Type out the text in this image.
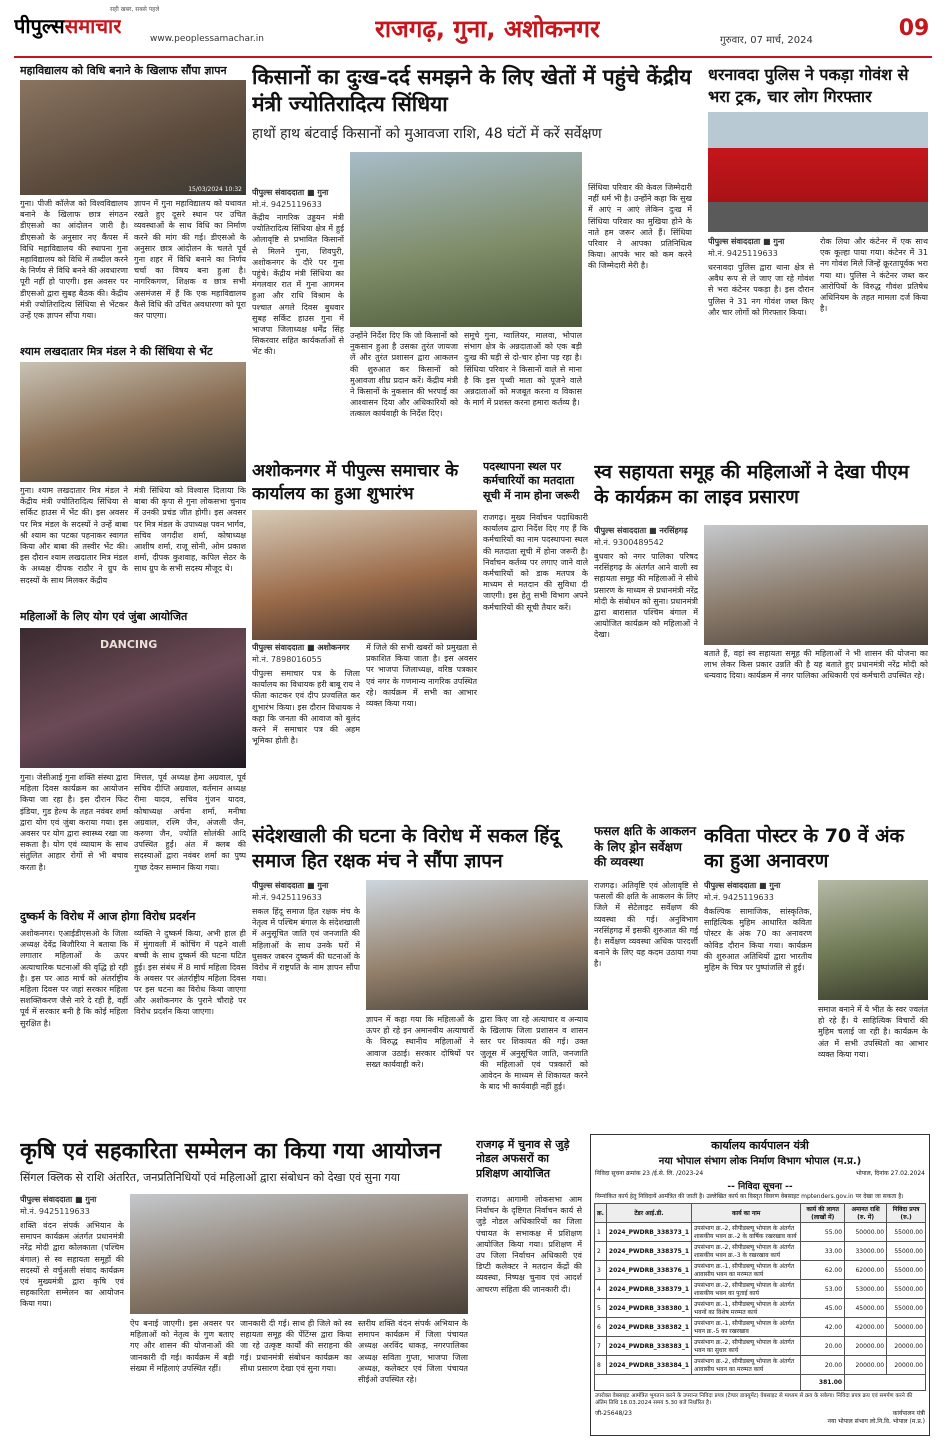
पीपुल्ससमाचार
सही खबर, सबसे पहले
www.peoplessamachar.in	राजगढ़, गुना, अशोकनगर	गुरुवार, 07 मार्च, 2024	09
महाविद्यालय को विधि बनाने के खिलाफ सौंपा ज्ञापन
15/03/2024 10:32
गुना। पीजी कॉलेज को विश्वविद्यालय बनाने के खिलाफ छात्र संगठन डीएसओ का आंदोलन जारी है। डीएसओ के अनुसार नए कैंपस में विधि महाविद्यालय की स्थापना गुना महाविद्यालय को विधि में तब्दील करने के निर्णय से विधि बनने की अवधारणा पूरी नहीं हो पाएगी। इस अवसर पर डीएसओ द्वारा सुबह बैठक की। केंद्रीय मंत्री ज्योतिरादित्य सिंधिया से भेंटकर उन्हें एक ज्ञापन सौंपा गया।
ज्ञापन में गुना महाविद्यालय को यथावत रखते हुए दूसरे स्थान पर उचित व्यवस्थाओं के साथ विधि का निर्माण करने की मांग की गई। डीएसओ के अनुसार छात्र आंदोलन के चलते पूर्व गुना शहर में विधि बनाने का निर्णय चर्चा का विषय बना हुआ है। नागरिकगण, शिक्षक व छात्र सभी असमंजस में हैं कि एक महाविद्यालय कैसे विधि की उचित अवधारणा को पूरा कर पाएगा।
श्याम लखदातार मित्र मंडल ने की सिंधिया से भेंट
गुना। श्याम लखदातार मित्र मंडल ने केंद्रीय मंत्री ज्योतिरादित्य सिंधिया से सर्किट हाउस में भेंट की। इस अवसर पर मित्र मंडल के सदस्यों ने उन्हें बाबा श्री श्याम का पटका पहनाकर स्वागत किया और बाबा की तस्वीर भेंट की। इस दौरान श्याम लखदातार मित्र मंडल के अध्यक्ष दीपक राठौर ने ग्रुप के सदस्यों के साथ मिलकर केंद्रीय
मंत्री सिंधिया को विश्वास दिलाया कि बाबा की कृपा से गुना लोकसभा चुनाव में उनकी प्रचंड जीत होगी। इस अवसर पर मित्र मंडल के उपाध्यक्ष पवन भार्गव, सचिव जगदीश शर्मा, कोषाध्यक्ष आशीष शर्मा, राजू सोनी, ओम प्रकाश शर्मा, दीपक कुशवाह, कपिल सेठर के साथ ग्रुप के सभी सदस्य मौजूद थे।
महिलाओं के लिए योग एवं जुंबा आयोजित
DANCING
गुना। जेसीआई गुना शक्ति संस्था द्वारा महिला दिवस कार्यक्रम का आयोजन किया जा रहा है। इस दौरान फिट इंडिया, गुड हेल्थ के तहत नवंबर शर्मा द्वारा योग एवं जुंबा कराया गया। इस अवसर पर योग द्वारा स्वास्थ्य रखा जा सकता है। योग एवं व्यायाम के साथ संतुलित आहार रोगों से भी बचाव करता है।
मित्तल, पूर्व अध्यक्ष हेमा अग्रवाल, पूर्व सचिव दीप्ति अग्रवाल, वर्तमान अध्यक्ष रीमा यादव, सचिव गुंजन यादव, कोषाध्यक्ष अर्चना शर्मा, मनीषा अग्रवाल, रश्मि जैन, अंजली जैन, करुणा जैन, ज्योति सोलंकी आदि उपस्थित हुईं। अंत में क्लब की सदस्याओं द्वारा नवंबर शर्मा का पुष्प गुच्छ देकर सम्मान किया गया।
दुष्कर्म के विरोध में आज होगा विरोध प्रदर्शन
अशोकनगर। एआईडीएसओ के जिला अध्यक्ष देवेंद्र बिजौरिया ने बताया कि लगातार महिलाओं के ऊपर अत्याचारिक घटनाओं की वृद्धि हो रही है। इस पर आठ मार्च को अंतर्राष्ट्रीय महिला दिवस पर जहां सरकार महिला सशक्तिकरण जैसे नारे दे रही है, वहीं पूर्व में सरकार बनी है कि कोई महिला सुरक्षित है।
व्यक्ति ने दुष्कर्म किया, अभी हाल ही में मुंगावली में कोचिंग में पढ़ने वाली बच्ची के साथ दुष्कर्म की घटना घटित हुई। इस संबंध में 8 मार्च महिला दिवस के अवसर पर अंतर्राष्ट्रीय महिला दिवस पर इस घटना का विरोध किया जाएगा और अशोकनगर के पुराने चौराहे पर विरोध प्रदर्शन किया जाएगा।
किसानों का दुःख-दर्द समझने के लिए खेतों में पहुंचे केंद्रीय मंत्री ज्योतिरादित्य सिंधिया
हाथों हाथ बंटवाई किसानों को मुआवजा राशि, 48 घंटों में करें सर्वेक्षण
पीपुल्स संवाददाता ■ गुना
मो.नं. 9425119633
केंद्रीय नागरिक उड्डयन मंत्री ज्योतिरादित्य सिंधिया क्षेत्र में हुई ओलावृष्टि से प्रभावित किसानों से मिलने गुना, शिवपुरी, अशोकनगर के दौरे पर गुना पहुंचे। केंद्रीय मंत्री सिंधिया का मंगलवार रात में गुना आगमन हुआ और राधि विश्राम के पश्चात अगले दिवस बुधवार सुबह सर्किट हाउस गुना में भाजपा जिलाध्यक्ष धर्मेंद्र सिंह सिकरवार सहित कार्यकर्ताओं से भेंट की।
उन्होंने निर्देश दिए कि जो किसानों को नुकसान हुआ है उसका तुरंत जायजा लें और तुरंत प्रशासन द्वारा आकलन की शुरुआत कर किसानों को मुआवजा शीघ्र प्रदान करें। केंद्रीय मंत्री ने किसानों के नुकसान की भरपाई का आश्वासन दिया और अधिकारियों को तत्काल कार्यवाही के निर्देश दिए।
समूचे गुना, ग्वालियर, मालवा, भोपाल संभाग क्षेत्र के अन्नदाताओं को एक बड़ी दुःख की घड़ी से दो-चार होना पड़ रहा है। सिंधिया परिवार ने किसानों वाले से माना है कि इस पृथ्वी माता को पूजने वाले अन्नदाताओं को मजबूत करना व विकास के मार्ग में प्रशस्त करना हमारा कर्तव्य है।
सिंधिया परिवार की केवल जिम्मेदारी नहीं धर्म भी है। उन्होंने कहा कि सुख में आएं न आएं लेकिन दुःख में सिंधिया परिवार का मुखिया होने के नाते हम जरूर आते हैं। सिंधिया परिवार ने आपका प्रतिनिधित्व किया। आपके भार को कम करने की जिम्मेदारी मेरी है।
धरनावदा पुलिस ने पकड़ा गोवंश से भरा ट्रक, चार लोग गिरफ्तार
पीपुल्स संवाददाता ■ गुना
मो.नं. 9425119633
धरनावदा पुलिस द्वारा थाना क्षेत्र से अवैध रूप से ले जाए जा रहे गोवंश से भरा कंटेनर पकड़ा है। इस दौरान पुलिस ने 31 नग गोवंश जब्त किए और चार लोगों को गिरफ्तार किया।
रोक लिया और कंटेनर में एक साथ एक कूल्हा पाया गया। कंटेनर में 31 नग गोवंश मिले जिन्हें क्रूरतापूर्वक भरा गया था। पुलिस ने कंटेनर जब्त कर आरोपियों के विरुद्ध गौवंश प्रतिषेध अधिनियम के तहत मामला दर्ज किया है।
अशोकनगर में पीपुल्स समाचार के कार्यालय का हुआ शुभारंभ
पीपुल्स संवाददाता ■ अशोकनगर
मो.नं. 7898016055
पीपुल्स समाचार पत्र के जिला कार्यालय का विधायक हरी बाबू राय ने फीता काटकर एवं दीप प्रज्वलित कर शुभारंभ किया। इस दौरान विधायक ने कहा कि जनता की आवाज को बुलंद करने में समाचार पत्र की अहम भूमिका होती है।
में जिले की सभी खबरों को प्रमुखता से प्रकाशित किया जाता है। इस अवसर पर भाजपा जिलाध्यक्ष, वरिष्ठ पत्रकार एवं नगर के गणमान्य नागरिक उपस्थित रहे। कार्यक्रम में सभी का आभार व्यक्त किया गया।
पदस्थापना स्थल पर कर्मचारियों का मतदाता सूची में नाम होना जरूरी
राजगढ़। मुख्य निर्वाचन पदाधिकारी कार्यालय द्वारा निर्देश दिए गए हैं कि कर्मचारियों का नाम पदस्थापना स्थल की मतदाता सूची में होना जरूरी है। निर्वाचन कर्तव्य पर लगाए जाने वाले कर्मचारियों को डाक मतपत्र के माध्यम से मतदान की सुविधा दी जाएगी। इस हेतु सभी विभाग अपने कर्मचारियों की सूची तैयार करें।
स्व सहायता समूह की महिलाओं ने देखा पीएम के कार्यक्रम का लाइव प्रसारण
पीपुल्स संवाददाता ■ नरसिंहगढ़
मो.नं. 9300489542
बुधवार को नगर पालिका परिषद नरसिंहगढ़ के अंतर्गत आने वाली स्व सहायता समूह की महिलाओं ने सीधे प्रसारण के माध्यम से प्रधानमंत्री नरेंद्र मोदी के संबोधन को सुना। प्रधानमंत्री द्वारा बारासात पश्चिम बंगाल में आयोजित कार्यक्रम को महिलाओं ने देखा।
बताते हैं, वहां स्व सहायता समूह की महिलाओं ने भी शासन की योजना का लाभ लेकर किस प्रकार उन्नति की है यह बताते हुए प्रधानमंत्री नरेंद्र मोदी को धन्यवाद दिया। कार्यक्रम में नगर पालिका अधिकारी एवं कर्मचारी उपस्थित रहे।
संदेशखाली की घटना के विरोध में सकल हिंदू समाज हित रक्षक मंच ने सौंपा ज्ञापन
पीपुल्स संवाददाता ■ गुना
मो.नं. 9425119633
सकल हिंदू समाज हित रक्षक मंच के नेतृत्व में पश्चिम बंगाल के संदेशखाली में अनुसूचित जाति एवं जनजाति की महिलाओं के साथ उनके घरों में घुसकर जबरन दुष्कर्म की घटनाओं के विरोध में राष्ट्रपति के नाम ज्ञापन सौंपा गया।
ज्ञापन में कहा गया कि महिलाओं के ऊपर हो रहे इन अमानवीय अत्याचारों के विरुद्ध स्थानीय महिलाओं ने आवाज उठाई। सरकार दोषियों पर सख्त कार्यवाही करे।
द्वारा किए जा रहे अत्याचार व अन्याय के खिलाफ जिला प्रशासन व शासन स्तर पर शिकायत की गई। उक्त जुलूस में अनुसूचित जाति, जनजाति की महिलाओं एवं पत्रकारों को आवेदन के माध्यम से शिकायत करने के बाद भी कार्यवाही नहीं हुई।
फसल क्षति के आकलन के लिए ड्रोन सर्वेक्षण की व्यवस्था
राजगढ़। अतिवृष्टि एवं ओलावृष्टि से फसलों की क्षति के आकलन के लिए जिले में सेटेलाइट सर्वेक्षण की व्यवस्था की गई। अनुविभाग नरसिंहगढ़ में इसकी शुरुआत की गई है। सर्वेक्षण व्यवस्था अधिक पारदर्शी बनाने के लिए यह कदम उठाया गया है।
कविता पोस्टर के 70 वें अंक का हुआ अनावरण
पीपुल्स संवाददाता ■ गुना
मो.नं. 9425119633
वैकल्पिक सामाजिक, सांस्कृतिक, साहित्यिक मुहिम आधारित कविता पोस्टर के अंक 70 का अनावरण कोविड दौरान किया गया। कार्यक्रम की शुरुआत अतिथियों द्वारा भारतीय मुहिम के चित्र पर पुष्पांजलि से हुई।
समाज बनाने में ये भीत के स्वर ज्वलंत हो रहे हैं। ये साहित्यिक विचारों की मुहिम चलाई जा रही है। कार्यक्रम के अंत में सभी उपस्थितों का आभार व्यक्त किया गया।
कृषि एवं सहकारिता सम्मेलन का किया गया आयोजन
सिंगल क्लिक से राशि अंतरित, जनप्रतिनिधियों एवं महिलाओं द्वारा संबोधन को देखा एवं सुना गया
पीपुल्स संवाददाता ■ गुना
मो.नं. 9425119633
शक्ति वंदन संपर्क अभियान के समापन कार्यक्रम अंतर्गत प्रधानमंत्री नरेंद्र मोदी द्वारा कोलकाता (पश्चिम बंगाल) से स्व सहायता समूहों की सदस्यों से वर्चुअली संवाद कार्यक्रम एवं मुख्यमंत्री द्वारा कृषि एवं सहकारिता सम्मेलन का आयोजन किया गया।
ऐप बनाई जाएगी। इस अवसर पर महिलाओं को नेतृत्व के गुण बताए गए और शासन की योजनाओं की जानकारी दी गई। कार्यक्रम में बड़ी संख्या में महिलाएं उपस्थित रहीं।
जानकारी दी गई। साथ ही जिले को स्व सहायता समूह की पेंटिंग्स द्वारा किया जा रहे उत्कृष्ट कार्यों की सराहना की गई। प्रधानमंत्री संबोधन कार्यक्रम का सीधा प्रसारण देखा एवं सुना गया।
स्तरीय शक्ति वंदन संपर्क अभियान के समापन कार्यक्रम में जिला पंचायत अध्यक्ष अरविंद धाकड़, नगरपालिका अध्यक्ष सविता गुप्ता, भाजपा जिला अध्यक्ष, कलेक्टर एवं जिला पंचायत सीईओ उपस्थित रहे।
राजगढ़ में चुनाव से जुड़े नोडल अफसरों का प्रशिक्षण आयोजित
राजगढ़। आगामी लोकसभा आम निर्वाचन के दृष्टिगत निर्वाचन कार्य से जुड़े नोडल अधिकारियों का जिला पंचायत के सभाकक्ष में प्रशिक्षण आयोजित किया गया। प्रशिक्षण में उप जिला निर्वाचन अधिकारी एवं डिप्टी कलेक्टर ने मतदान केंद्रों की व्यवस्था, निष्पक्ष चुनाव एवं आदर्श आचरण संहिता की जानकारी दी।
कार्यालय कार्यपालन यंत्री
नया भोपाल संभाग लोक निर्माण विभाग भोपाल (म.प्र.)
निविदा सूचना क्रमांक 23 /ई.से. लि. /2023-24	भोपाल, दिनांक 27.02.2024
-- निविदा सूचना --
निम्नांकित कार्य हेतु निविदायें आमंत्रित की जाती है। उल्लेखित कार्य का विस्तृत विवरण वेबसाइट mptenders.gov.in पर देखा जा सकता है।
क्र.	टेंडर आई.डी.	कार्य का नाम	कार्य की लागत (लाखों में)	अमानत राशि (रु. में)	निविदा प्रपत्र (रु.)
1	2024_PWDRB_338373_1	उपसंभाग क्र.-2, सीपीडब्ल्यू भोपाल के अंतर्गत शासकीय भवन क्र.-2 के वार्षिक रखरखाव कार्य	55.00	50000.00	55000.00
2	2024_PWDRB_338375_1	उपसंभाग क्र.-2, सीपीडब्ल्यू भोपाल के अंतर्गत शासकीय भवन क्र.-3 के रखरखाव कार्य	33.00	33000.00	55000.00
3	2024_PWDRB_338376_1	उपसंभाग क्र.-1, सीपीडब्ल्यू भोपाल के अंतर्गत आवासीय भवन का मरम्मत कार्य	62.00	62000.00	55000.00
4	2024_PWDRB_338379_1	उपसंभाग क्र.-2, सीपीडब्ल्यू भोपाल के अंतर्गत शासकीय भवन का पुताई कार्य	53.00	53000.00	55000.00
5	2024_PWDRB_338380_1	उपसंभाग क्र.-1, सीपीडब्ल्यू भोपाल के अंतर्गत भवनों का विशेष मरम्मत कार्य	45.00	45000.00	55000.00
6	2024_PWDRB_338382_1	उपसंभाग क्र.-1, सीपीडब्ल्यू भोपाल के अंतर्गत भवन क्र.-5 का रखरखाव	42.00	42000.00	50000.00
7	2024_PWDRB_338383_1	उपसंभाग क्र.-2, सीपीडब्ल्यू भोपाल के अंतर्गत भवन का सुधार कार्य	20.00	20000.00	20000.00
8	2024_PWDRB_338384_1	उपसंभाग क्र.-2, सीपीडब्ल्यू भोपाल के अंतर्गत आवासीय भवन का मरम्मत कार्य	20.00	20000.00	20000.00
			381.00		
उपरोक्त वेबसाइट आमंत्रित भुगतान करने के उपरान्त निविदा प्रपत्र (टेण्डर डाक्यूमेंट) वेबसाइट से माध्यम से क्रय के सकेगा। निविदा प्रपत्र क्रय एवं समर्पण करने की अंतिम तिथि 18.03.2024 समय 5.30 बजे निर्धारित है।
जी-25648/23	कार्यपालन यंत्री
नया भोपाल संभाग लो.नि.वि. भोपाल (म.प्र.)
